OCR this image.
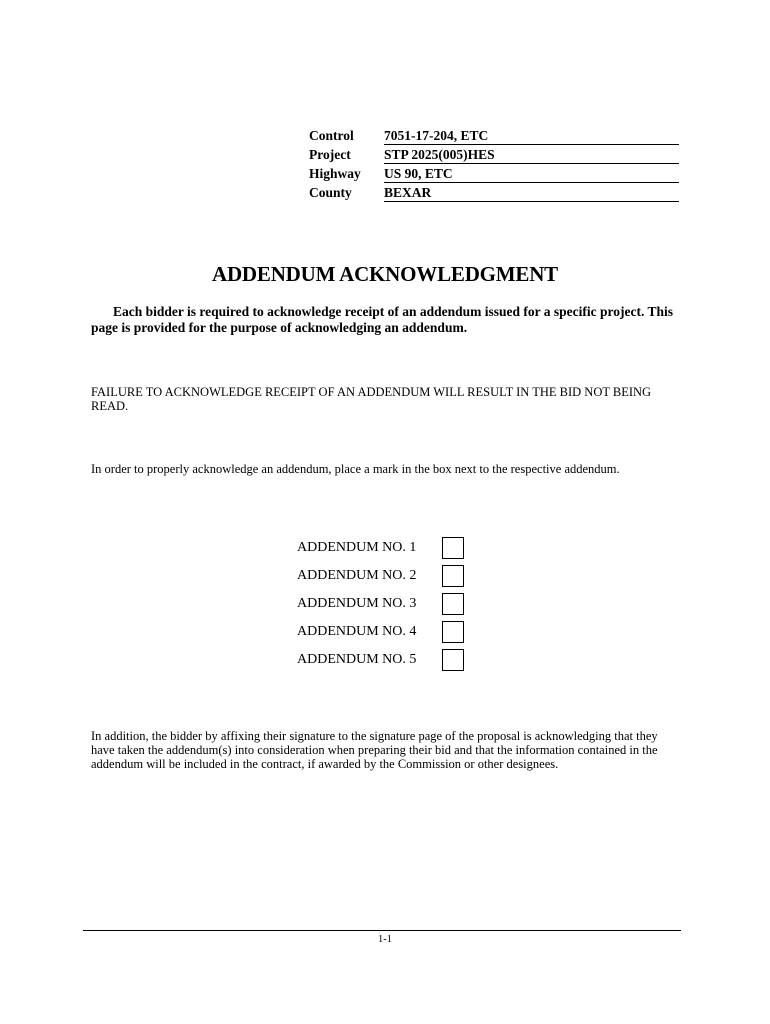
Control 7051-17-204, ETC
Project STP 2025(005)HES
Highway US 90, ETC
County BEXAR
ADDENDUM ACKNOWLEDGMENT
Each bidder is required to acknowledge receipt of an addendum issued for a specific project. This page is provided for the purpose of acknowledging an addendum.
FAILURE TO ACKNOWLEDGE RECEIPT OF AN ADDENDUM WILL RESULT IN THE BID NOT BEING READ.
In order to properly acknowledge an addendum, place a mark in the box next to the respective addendum.
ADDENDUM NO. 1
ADDENDUM NO. 2
ADDENDUM NO. 3
ADDENDUM NO. 4
ADDENDUM NO. 5
In addition, the bidder by affixing their signature to the signature page of the proposal is acknowledging that they have taken the addendum(s) into consideration when preparing their bid and that the information contained in the addendum will be included in the contract, if awarded by the Commission or other designees.
1-1
